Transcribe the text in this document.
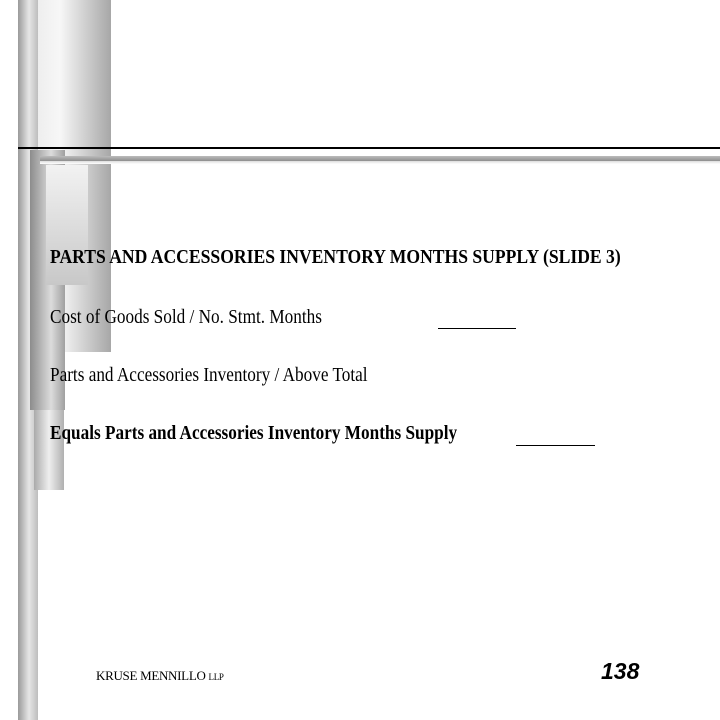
PARTS AND ACCESSORIES INVENTORY MONTHS SUPPLY (SLIDE 3)
Cost of Goods Sold / No. Stmt. Months
Parts and Accessories Inventory / Above Total
Equals Parts and Accessories Inventory Months Supply
KRUSE MENNILLO LLP	138
